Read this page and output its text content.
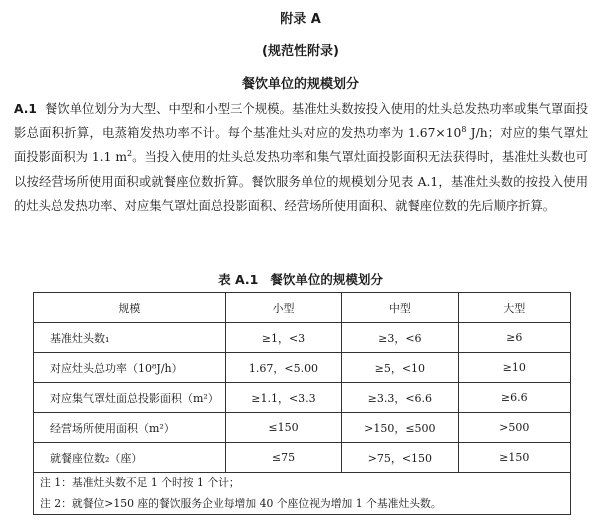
附录 A
(规范性附录)
餐饮单位的规模划分
A.1 餐饮单位划分为大型、中型和小型三个规模。基准灶头数按投入使用的灶头总发热功率或集气罩面投影总面积折算，电蒸箱发热功率不计。每个基准灶头对应的发热功率为 $1.67\times 10^8$ J/h；对应的集气罩灶面投影面积为 1.1 $m^2$。当投入使用的灶头总发热功率和集气罩灶面投影面积无法获得时，基准灶头数也可以按经营场所使用面积或就餐座位数折算。餐饮服务单位的规模划分见表 A.1，基准灶头数的按投入使用的灶头总发热功率、对应集气罩灶面总投影面积、经营场所使用面积、就餐座位数的先后顺序折算。
表 A.1 餐饮单位的规模划分
规模	小型	中型	大型
基准灶头数₁	≥1，<3	≥3，<6	≥6
对应灶头总功率（10⁸J/h）	1.67，<5.00	≥5，<10	≥10
对应集气罩灶面总投影面积（m²）	≥1.1，<3.3	≥3.3，<6.6	≥6.6
经营场所使用面积（m²）	≤150	>150，≤500	>500
就餐座位数₂（座）	≤75	>75，<150	≥150
注 1：基准灶头数不足 1 个时按 1 个计；			
注 2：就餐位>150 座的餐饮服务企业每增加 40 个座位视为增加 1 个基准灶头数。			
